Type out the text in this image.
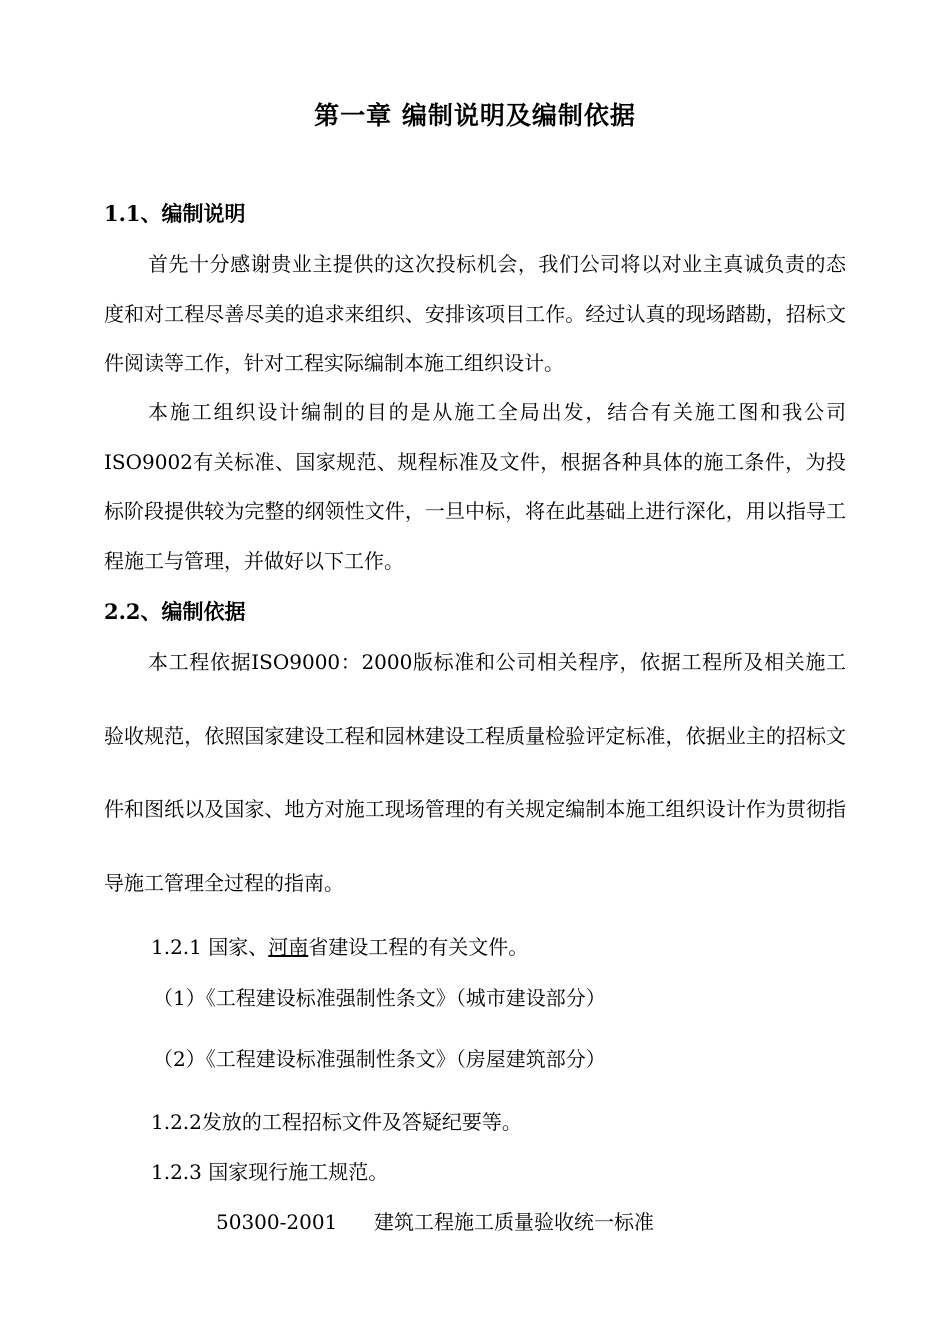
第一章 编制说明及编制依据
1.1、编制说明
首先十分感谢贵业主提供的这次投标机会，我们公司将以对业主真诚负责的态度和对工程尽善尽美的追求来组织、安排该项目工作。经过认真的现场踏勘，招标文件阅读等工作，针对工程实际编制本施工组织设计。
本施工组织设计编制的目的是从施工全局出发，结合有关施工图和我公司ISO9002有关标准、国家规范、规程标准及文件，根据各种具体的施工条件，为投标阶段提供较为完整的纲领性文件，一旦中标，将在此基础上进行深化，用以指导工程施工与管理，并做好以下工作。
2.2、编制依据
本工程依据ISO9000：2000版标准和公司相关程序，依据工程所及相关施工验收规范，依照国家建设工程和园林建设工程质量检验评定标准，依据业主的招标文件和图纸以及国家、地方对施工现场管理的有关规定编制本施工组织设计作为贯彻指导施工管理全过程的指南。
1.2.1 国家、河南省建设工程的有关文件。
（1）《工程建设标准强制性条文》（城市建设部分）
（2）《工程建设标准强制性条文》（房屋建筑部分）
1.2.2发放的工程招标文件及答疑纪要等。
1.2.3 国家现行施工规范。
50300-2001 建筑工程施工质量验收统一标准
